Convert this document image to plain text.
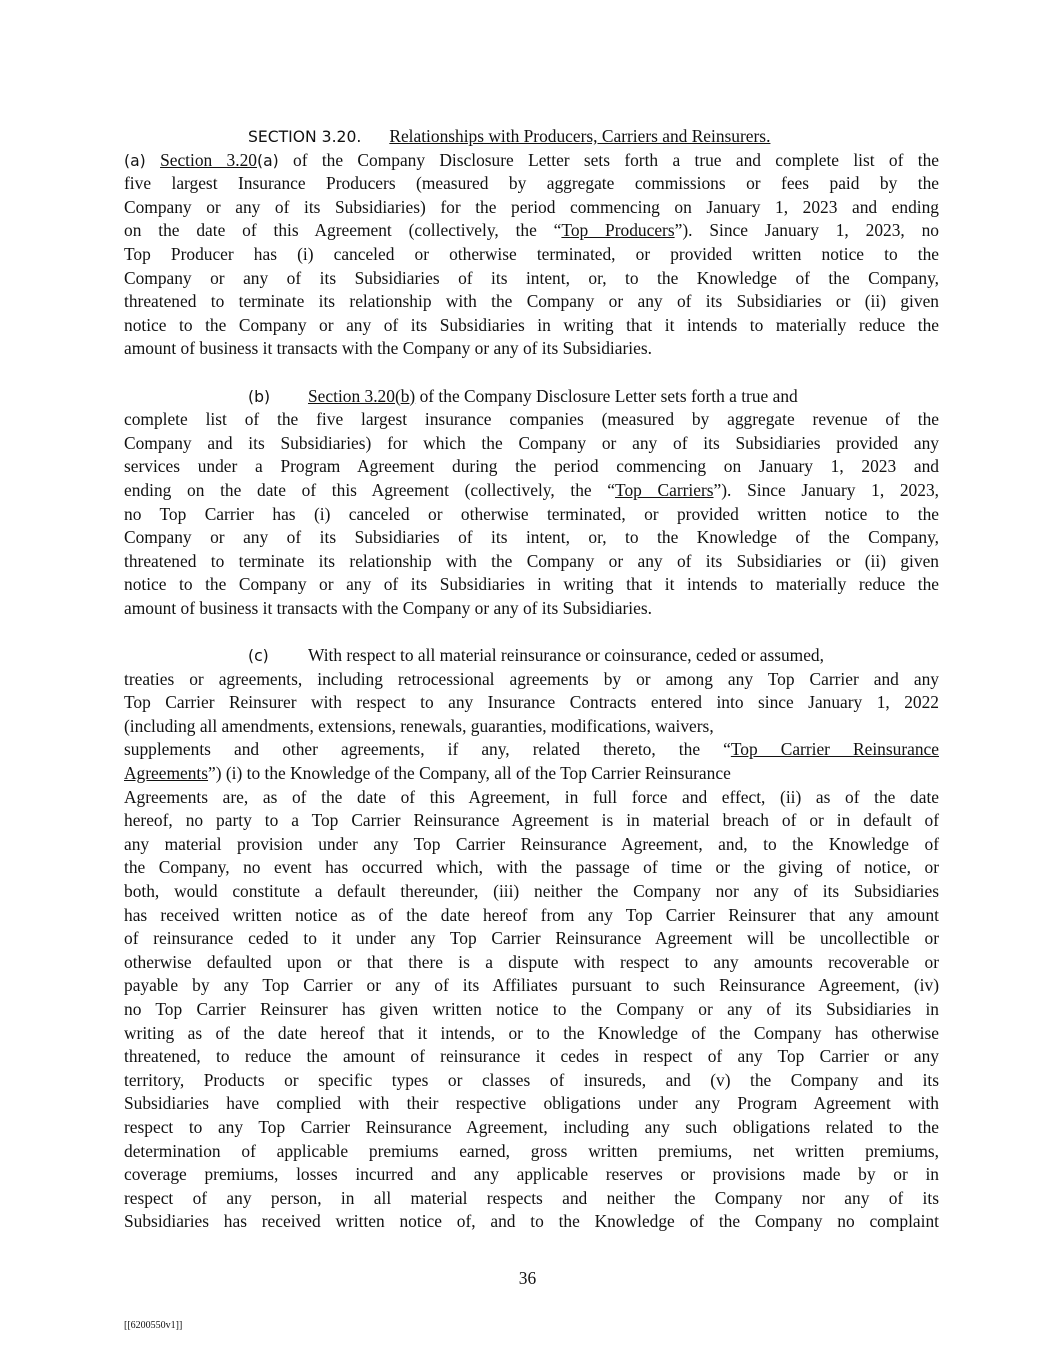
SECTION 3.20. Relationships with Producers, Carriers and Reinsurers.
(a) Section 3.20(a) of the Company Disclosure Letter sets forth a true and complete list of the
five largest Insurance Producers (measured by aggregate commissions or fees paid by the
Company or any of its Subsidiaries) for the period commencing on January 1, 2023 and ending
on the date of this Agreement (collectively, the “Top Producers”). Since January 1, 2023, no
Top Producer has (i) canceled or otherwise terminated, or provided written notice to the
Company or any of its Subsidiaries of its intent, or, to the Knowledge of the Company,
threatened to terminate its relationship with the Company or any of its Subsidiaries or (ii) given
notice to the Company or any of its Subsidiaries in writing that it intends to materially reduce the
amount of business it transacts with the Company or any of its Subsidiaries.
(b) Section 3.20(b) of the Company Disclosure Letter sets forth a true and
complete list of the five largest insurance companies (measured by aggregate revenue of the
Company and its Subsidiaries) for which the Company or any of its Subsidiaries provided any
services under a Program Agreement during the period commencing on January 1, 2023 and
ending on the date of this Agreement (collectively, the “Top Carriers”). Since January 1, 2023,
no Top Carrier has (i) canceled or otherwise terminated, or provided written notice to the
Company or any of its Subsidiaries of its intent, or, to the Knowledge of the Company,
threatened to terminate its relationship with the Company or any of its Subsidiaries or (ii) given
notice to the Company or any of its Subsidiaries in writing that it intends to materially reduce the
amount of business it transacts with the Company or any of its Subsidiaries.
(c) With respect to all material reinsurance or coinsurance, ceded or assumed,
treaties or agreements, including retrocessional agreements by or among any Top Carrier and any
Top Carrier Reinsurer with respect to any Insurance Contracts entered into since January 1, 2022
(including all amendments, extensions, renewals, guaranties, modifications, waivers,
supplements and other agreements, if any, related thereto, the “Top Carrier Reinsurance
Agreements”) (i) to the Knowledge of the Company, all of the Top Carrier Reinsurance
Agreements are, as of the date of this Agreement, in full force and effect, (ii) as of the date
hereof, no party to a Top Carrier Reinsurance Agreement is in material breach of or in default of
any material provision under any Top Carrier Reinsurance Agreement, and, to the Knowledge of
the Company, no event has occurred which, with the passage of time or the giving of notice, or
both, would constitute a default thereunder, (iii) neither the Company nor any of its Subsidiaries
has received written notice as of the date hereof from any Top Carrier Reinsurer that any amount
of reinsurance ceded to it under any Top Carrier Reinsurance Agreement will be uncollectible or
otherwise defaulted upon or that there is a dispute with respect to any amounts recoverable or
payable by any Top Carrier or any of its Affiliates pursuant to such Reinsurance Agreement, (iv)
no Top Carrier Reinsurer has given written notice to the Company or any of its Subsidiaries in
writing as of the date hereof that it intends, or to the Knowledge of the Company has otherwise
threatened, to reduce the amount of reinsurance it cedes in respect of any Top Carrier or any
territory, Products or specific types or classes of insureds, and (v) the Company and its
Subsidiaries have complied with their respective obligations under any Program Agreement with
respect to any Top Carrier Reinsurance Agreement, including any such obligations related to the
determination of applicable premiums earned, gross written premiums, net written premiums,
coverage premiums, losses incurred and any applicable reserves or provisions made by or in
respect of any person, in all material respects and neither the Company nor any of its
Subsidiaries has received written notice of, and to the Knowledge of the Company no complaint
36
[[6200550v1]]
